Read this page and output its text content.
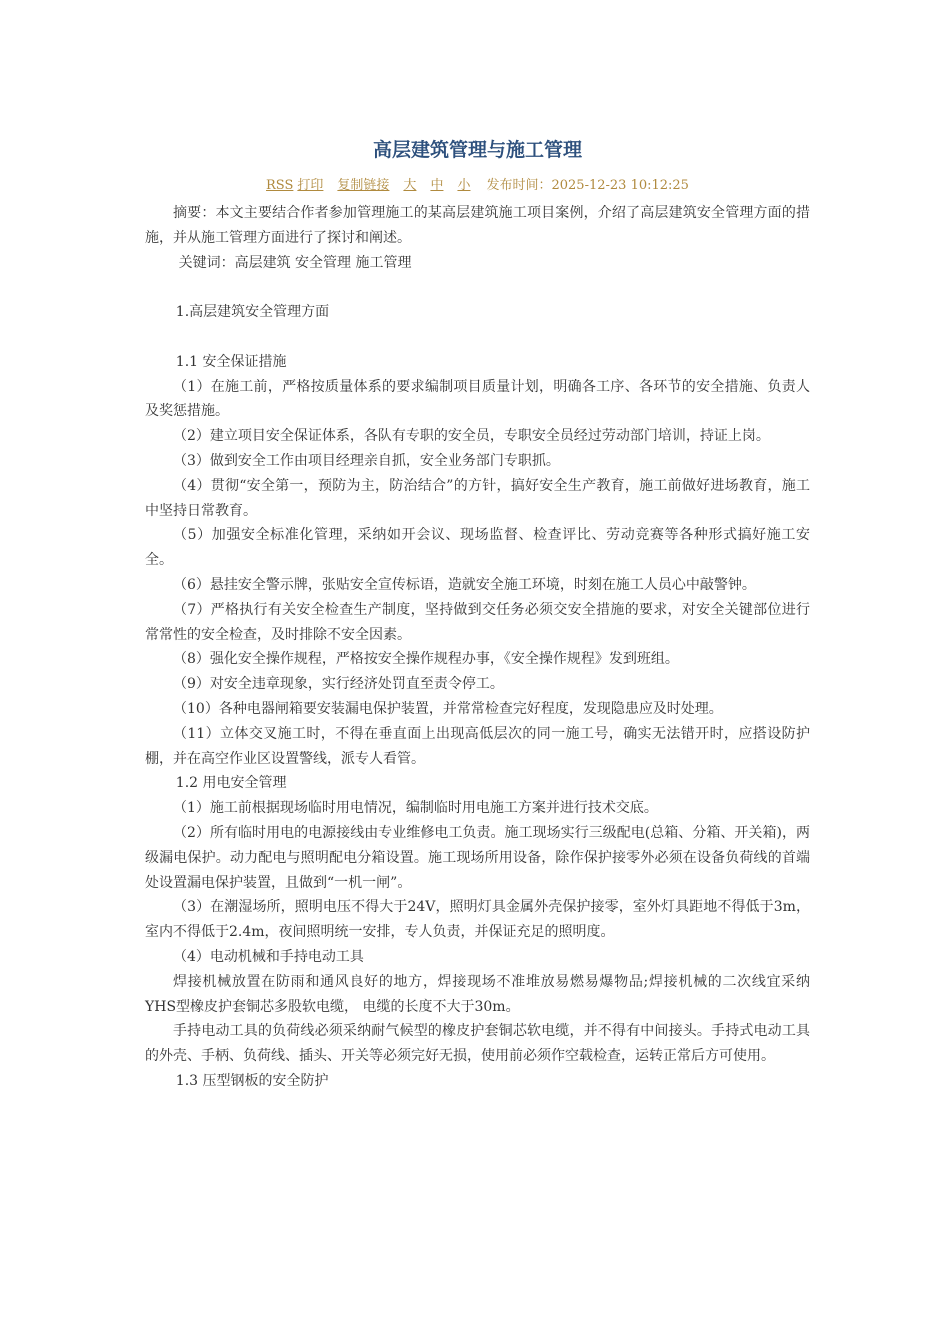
高层建筑管理与施工管理
RSS 打印 复制链接 大 中 小 发布时间：2025-12-23 10:12:25

摘要：本文主要结合作者参加管理施工的某高层建筑施工项目案例，介绍了高层建筑安全管理方面的措施，并从施工管理方面进行了探讨和阐述。

关键词：高层建筑 安全管理 施工管理

1.高层建筑安全管理方面

1.1 安全保证措施

（1）在施工前，严格按质量体系的要求编制项目质量计划，明确各工序、各环节的安全措施、负责人及奖惩措施。

（2）建立项目安全保证体系，各队有专职的安全员，专职安全员经过劳动部门培训，持证上岗。

（3）做到安全工作由项目经理亲自抓，安全业务部门专职抓。

（4）贯彻“安全第一，预防为主，防治结合”的方针，搞好安全生产教育，施工前做好进场教育，施工中坚持日常教育。

（5）加强安全标准化管理，采纳如开会议、现场监督、检查评比、劳动竞赛等各种形式搞好施工安全。

（6）悬挂安全警示牌，张贴安全宣传标语，造就安全施工环境，时刻在施工人员心中敲警钟。

（7）严格执行有关安全检查生产制度，坚持做到交任务必须交安全措施的要求，对安全关键部位进行常常性的安全检查，及时排除不安全因素。

（8）强化安全操作规程，严格按安全操作规程办事，《安全操作规程》发到班组。

（9）对安全违章现象，实行经济处罚直至责令停工。

（10）各种电器闸箱要安装漏电保护装置，并常常检查完好程度，发现隐患应及时处理。

（11）立体交叉施工时，不得在垂直面上出现高低层次的同一施工号，确实无法错开时，应搭设防护棚，并在高空作业区设置警线，派专人看管。

1.2 用电安全管理

（1）施工前根据现场临时用电情况，编制临时用电施工方案并进行技术交底。

（2）所有临时用电的电源接线由专业维修电工负责。施工现场实行三级配电(总箱、分箱、开关箱)，两级漏电保护。动力配电与照明配电分箱设置。施工现场所用设备，除作保护接零外必须在设备负荷线的首端处设置漏电保护装置，且做到“一机一闸”。

（3）在潮湿场所，照明电压不得大于24V，照明灯具金属外壳保护接零，室外灯具距地不得低于3m，室内不得低于2.4m，夜间照明统一安排，专人负责，并保证充足的照明度。

（4）电动机械和手持电动工具

焊接机械放置在防雨和通风良好的地方，焊接现场不准堆放易燃易爆物品;焊接机械的二次线宜采纳YHS型橡皮护套铜芯多股软电缆， 电缆的长度不大于30m。

手持电动工具的负荷线必须采纳耐气候型的橡皮护套铜芯软电缆，并不得有中间接头。手持式电动工具的外壳、手柄、负荷线、插头、开关等必须完好无损，使用前必须作空载检查，运转正常后方可使用。

1.3 压型钢板的安全防护
